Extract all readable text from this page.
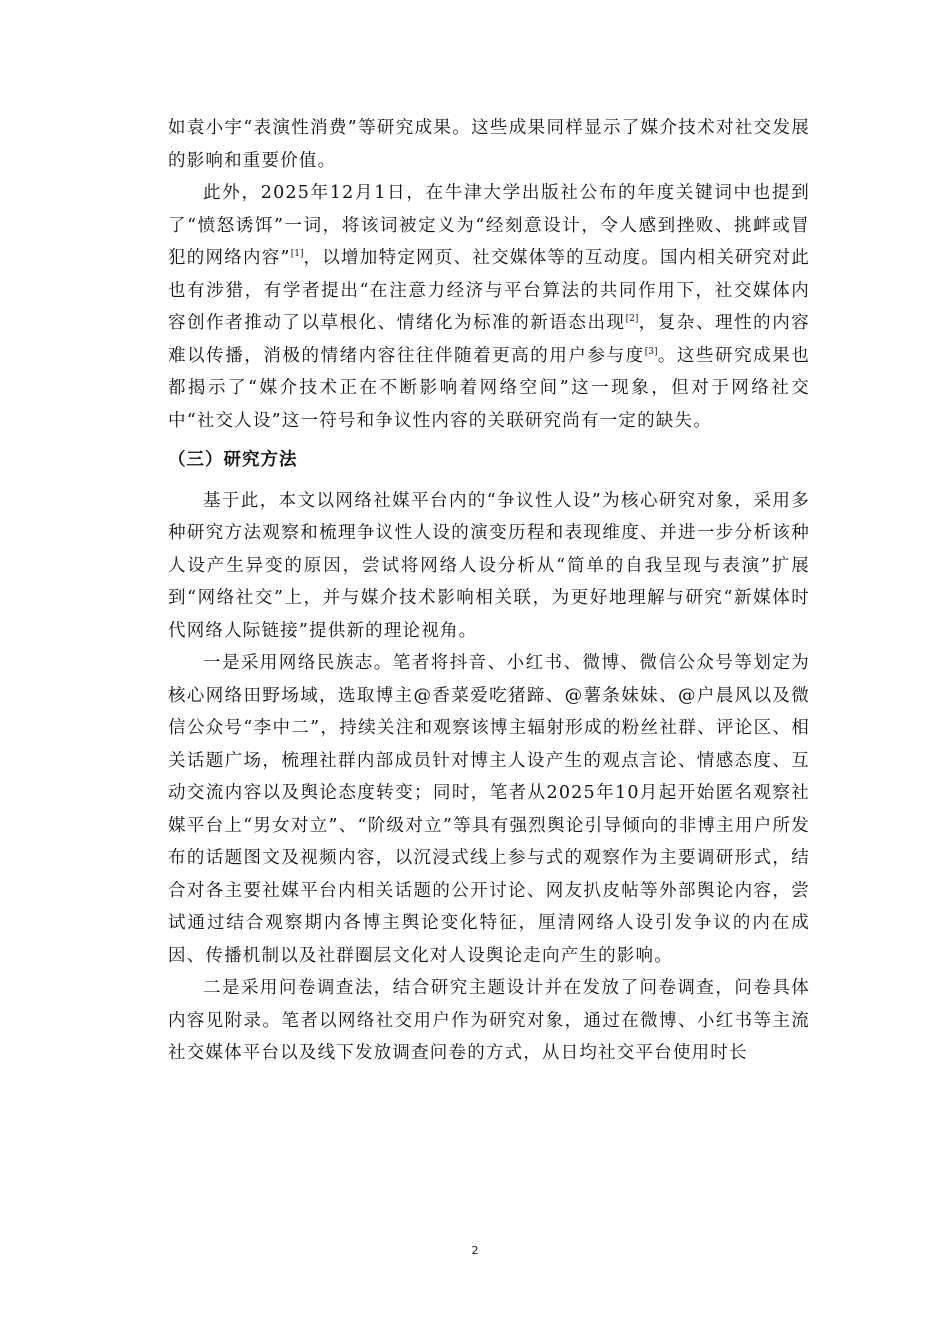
如袁小宇“表演性消费”等研究成果。这些成果同样显示了媒介技术对社交发展的影响和重要价值。

此外，2025年12月1日，在牛津大学出版社公布的年度关键词中也提到了“愤怒诱饵”一词，将该词被定义为“经刻意设计，令人感到挫败、挑衅或冒犯的网络内容”[1]，以增加特定网页、社交媒体等的互动度。国内相关研究对此也有涉猎，有学者提出“在注意力经济与平台算法的共同作用下，社交媒体内容创作者推动了以草根化、情绪化为标准的新语态出现[2]，复杂、理性的内容难以传播，消极的情绪内容往往伴随着更高的用户参与度[3]。这些研究成果也都揭示了“媒介技术正在不断影响着网络空间”这一现象，但对于网络社交中“社交人设”这一符号和争议性内容的关联研究尚有一定的缺失。

（三）研究方法

基于此，本文以网络社媒平台内的“争议性人设”为核心研究对象，采用多种研究方法观察和梳理争议性人设的演变历程和表现维度、并进一步分析该种人设产生异变的原因，尝试将网络人设分析从“简单的自我呈现与表演”扩展到“网络社交”上，并与媒介技术影响相关联，为更好地理解与研究“新媒体时代网络人际链接”提供新的理论视角。

一是采用网络民族志。笔者将抖音、小红书、微博、微信公众号等划定为核心网络田野场域，选取博主@香菜爱吃猪蹄、@薯条妹妹、@户晨风以及微信公众号“李中二”，持续关注和观察该博主辐射形成的粉丝社群、评论区、相关话题广场，梳理社群内部成员针对博主人设产生的观点言论、情感态度、互动交流内容以及舆论态度转变；同时，笔者从2025年10月起开始匿名观察社媒平台上“男女对立”、“阶级对立”等具有强烈舆论引导倾向的非博主用户所发布的话题图文及视频内容，以沉浸式线上参与式的观察作为主要调研形式，结合对各主要社媒平台内相关话题的公开讨论、网友扒皮帖等外部舆论内容，尝试通过结合观察期内各博主舆论变化特征，厘清网络人设引发争议的内在成因、传播机制以及社群圈层文化对人设舆论走向产生的影响。

二是采用问卷调查法，结合研究主题设计并在发放了问卷调查，问卷具体内容见附录。笔者以网络社交用户作为研究对象，通过在微博、小红书等主流社交媒体平台以及线下发放调查问卷的方式，从日均社交平台使用时长

2
